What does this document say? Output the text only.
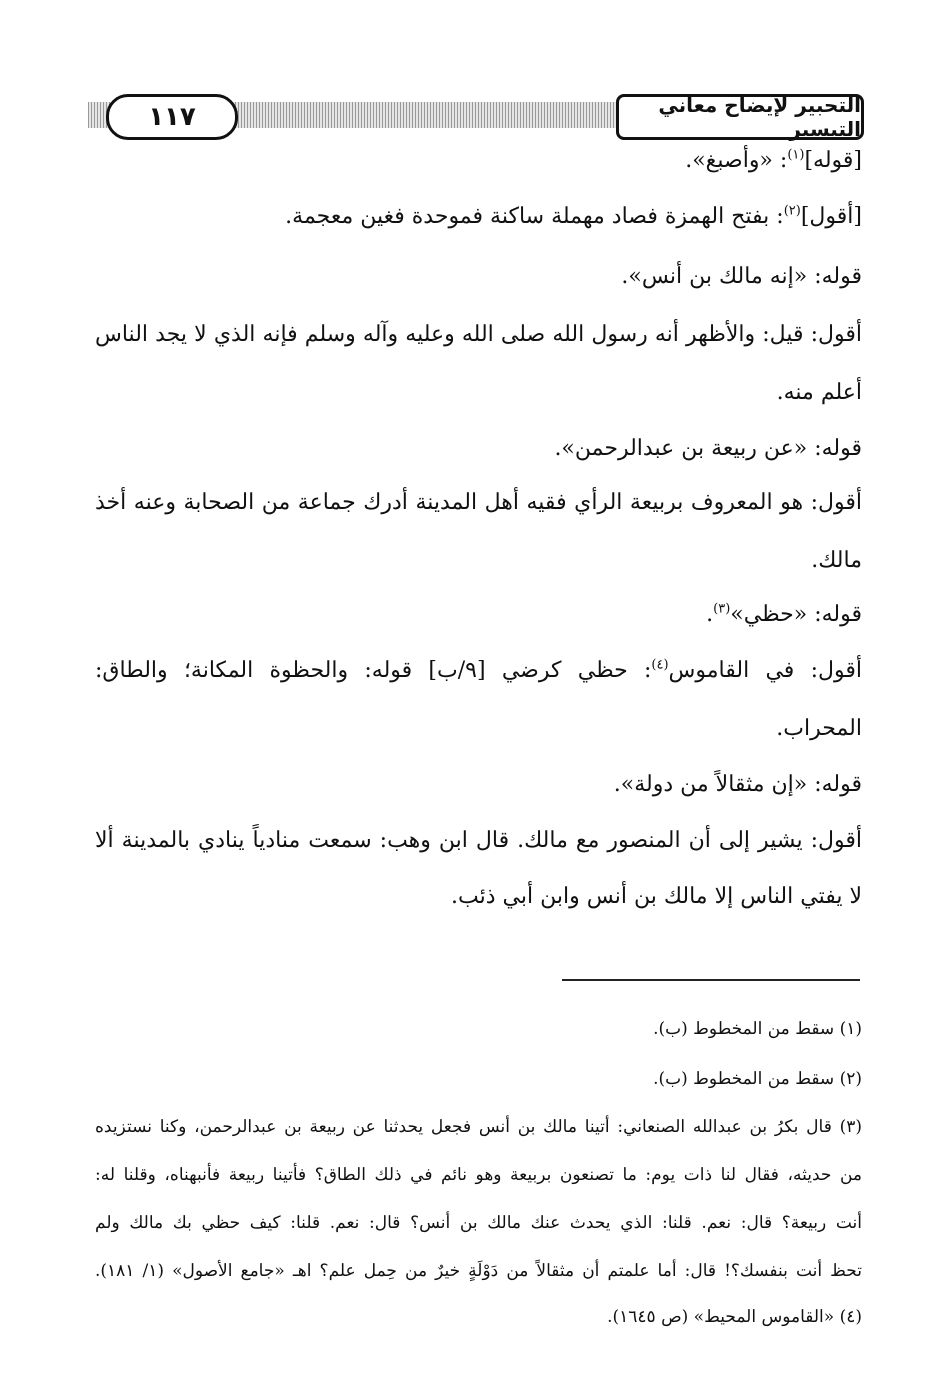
١١٧	التحبير لإيضاح معاني التيسير
[قوله]$^{(١)}$: «وأصبغ».
[أقول]$^{(٢)}$: بفتح الهمزة فصاد مهملة ساكنة فموحدة فغين معجمة.
قوله: «إنه مالك بن أنس».
أقول: قيل: والأظهر أنه رسول الله صلى الله وعليه وآله وسلم فإنه الذي لا يجد الناس
أعلم منه.
قوله: «عن ربيعة بن عبدالرحمن».
أقول: هو المعروف بربيعة الرأي فقيه أهل المدينة أدرك جماعة من الصحابة وعنه أخذ
مالك.
قوله: «حظي»$^{(٣)}$.
أقول: في القاموس$^{(٤)}$: حظي كرضي [٩/ب] قوله: والحظوة المكانة؛ والطاق:
المحراب.
قوله: «إن مثقالاً من دولة».
أقول: يشير إلى أن المنصور مع مالك. قال ابن وهب: سمعت منادياً ينادي بالمدينة ألا
لا يفتي الناس إلا مالك بن أنس وابن أبي ذئب.
(١) سقط من المخطوط (ب).
(٢) سقط من المخطوط (ب).
(٣) قال بكرُ بن عبدالله الصنعاني: أتينا مالك بن أنس فجعل يحدثنا عن ربيعة بن عبدالرحمن، وكنا نستزيده
من حديثه، فقال لنا ذات يوم: ما تصنعون بربيعة وهو نائم في ذلك الطاق؟ فأتينا ربيعة فأنبهناه، وقلنا له:
أنت ربيعة؟ قال: نعم. قلنا: الذي يحدث عنك مالك بن أنس؟ قال: نعم. قلنا: كيف حظي بك مالك ولم
تحظ أنت بنفسك؟! قال: أما علمتم أن مثقالاً من دَوْلَةٍ خيرٌ من حِمل علم؟ اهـ «جامع الأصول» (١/ ١٨١).
(٤) «القاموس المحيط» (ص ١٦٤٥).
